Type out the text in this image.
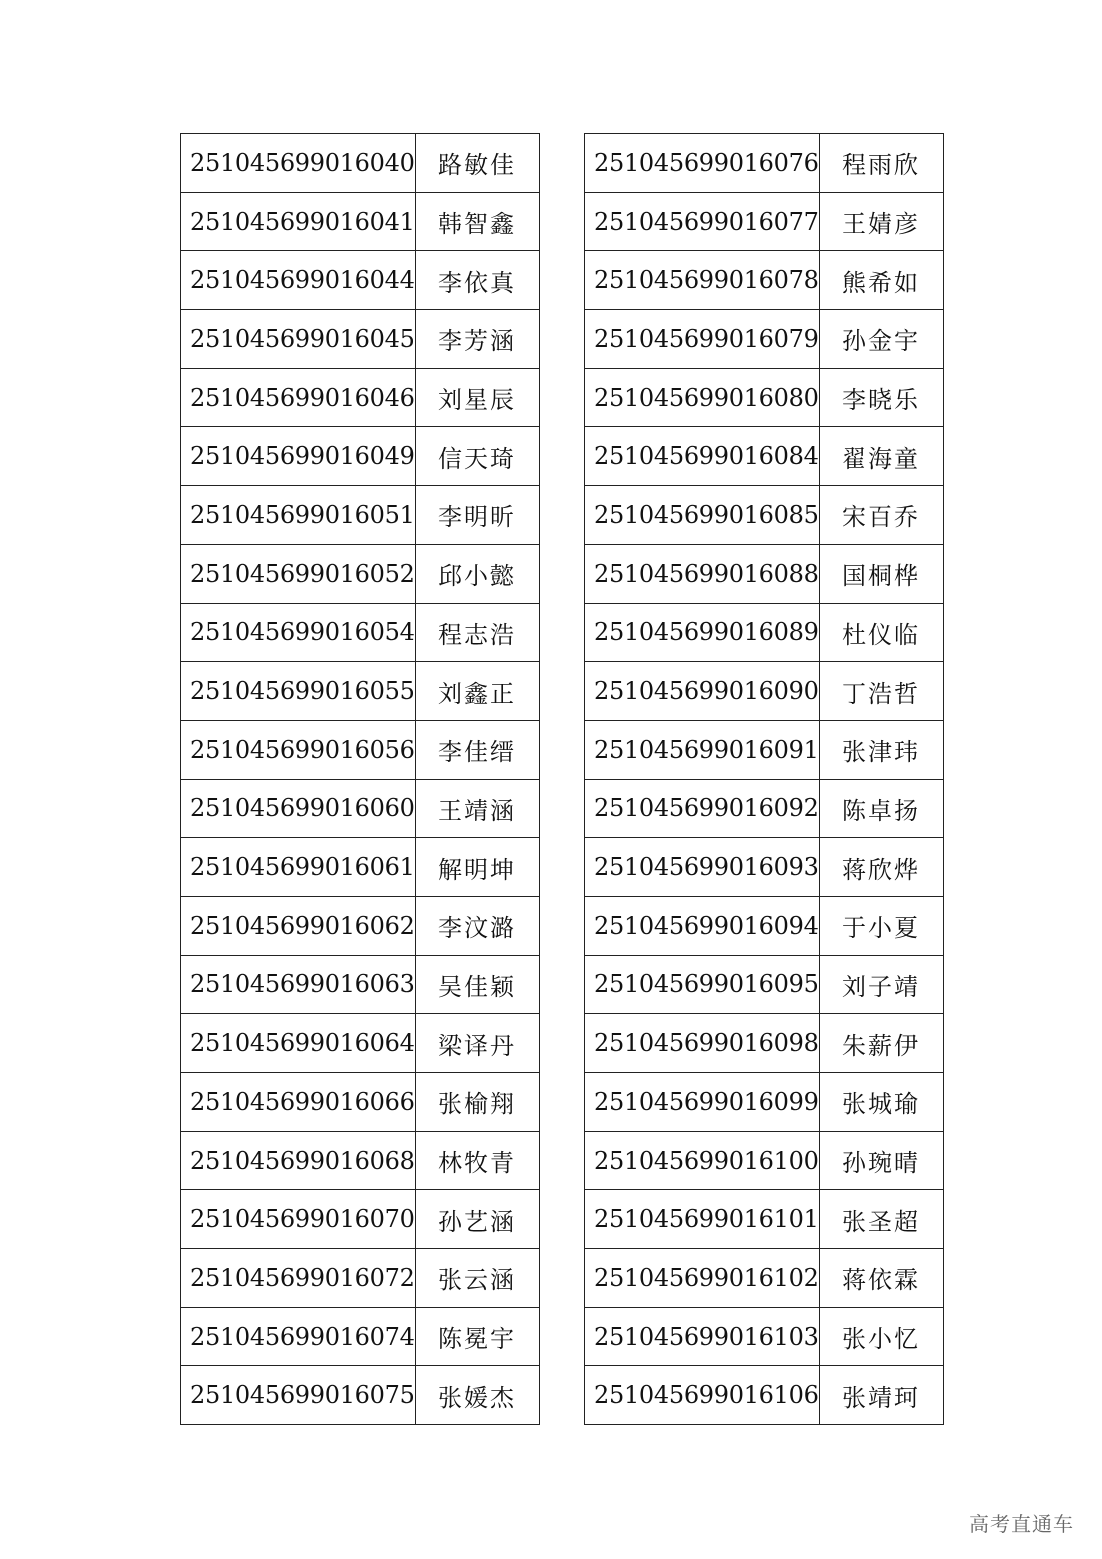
251045699016040	路敏佳
251045699016041	韩智鑫
251045699016044	李依真
251045699016045	李芳涵
251045699016046	刘星辰
251045699016049	信天琦
251045699016051	李明昕
251045699016052	邱小懿
251045699016054	程志浩
251045699016055	刘鑫正
251045699016056	李佳缙
251045699016060	王靖涵
251045699016061	解明坤
251045699016062	李汶潞
251045699016063	吴佳颖
251045699016064	梁译丹
251045699016066	张榆翔
251045699016068	林牧青
251045699016070	孙艺涵
251045699016072	张云涵
251045699016074	陈冕宇
251045699016075	张媛杰
251045699016076	程雨欣
251045699016077	王婧彦
251045699016078	熊希如
251045699016079	孙金宇
251045699016080	李晓乐
251045699016084	翟海童
251045699016085	宋百乔
251045699016088	国桐桦
251045699016089	杜仪临
251045699016090	丁浩哲
251045699016091	张津玮
251045699016092	陈卓扬
251045699016093	蒋欣烨
251045699016094	于小夏
251045699016095	刘子靖
251045699016098	朱薪伊
251045699016099	张城瑜
251045699016100	孙琬晴
251045699016101	张圣超
251045699016102	蒋依霖
251045699016103	张小忆
251045699016106	张靖珂
高考直通车
